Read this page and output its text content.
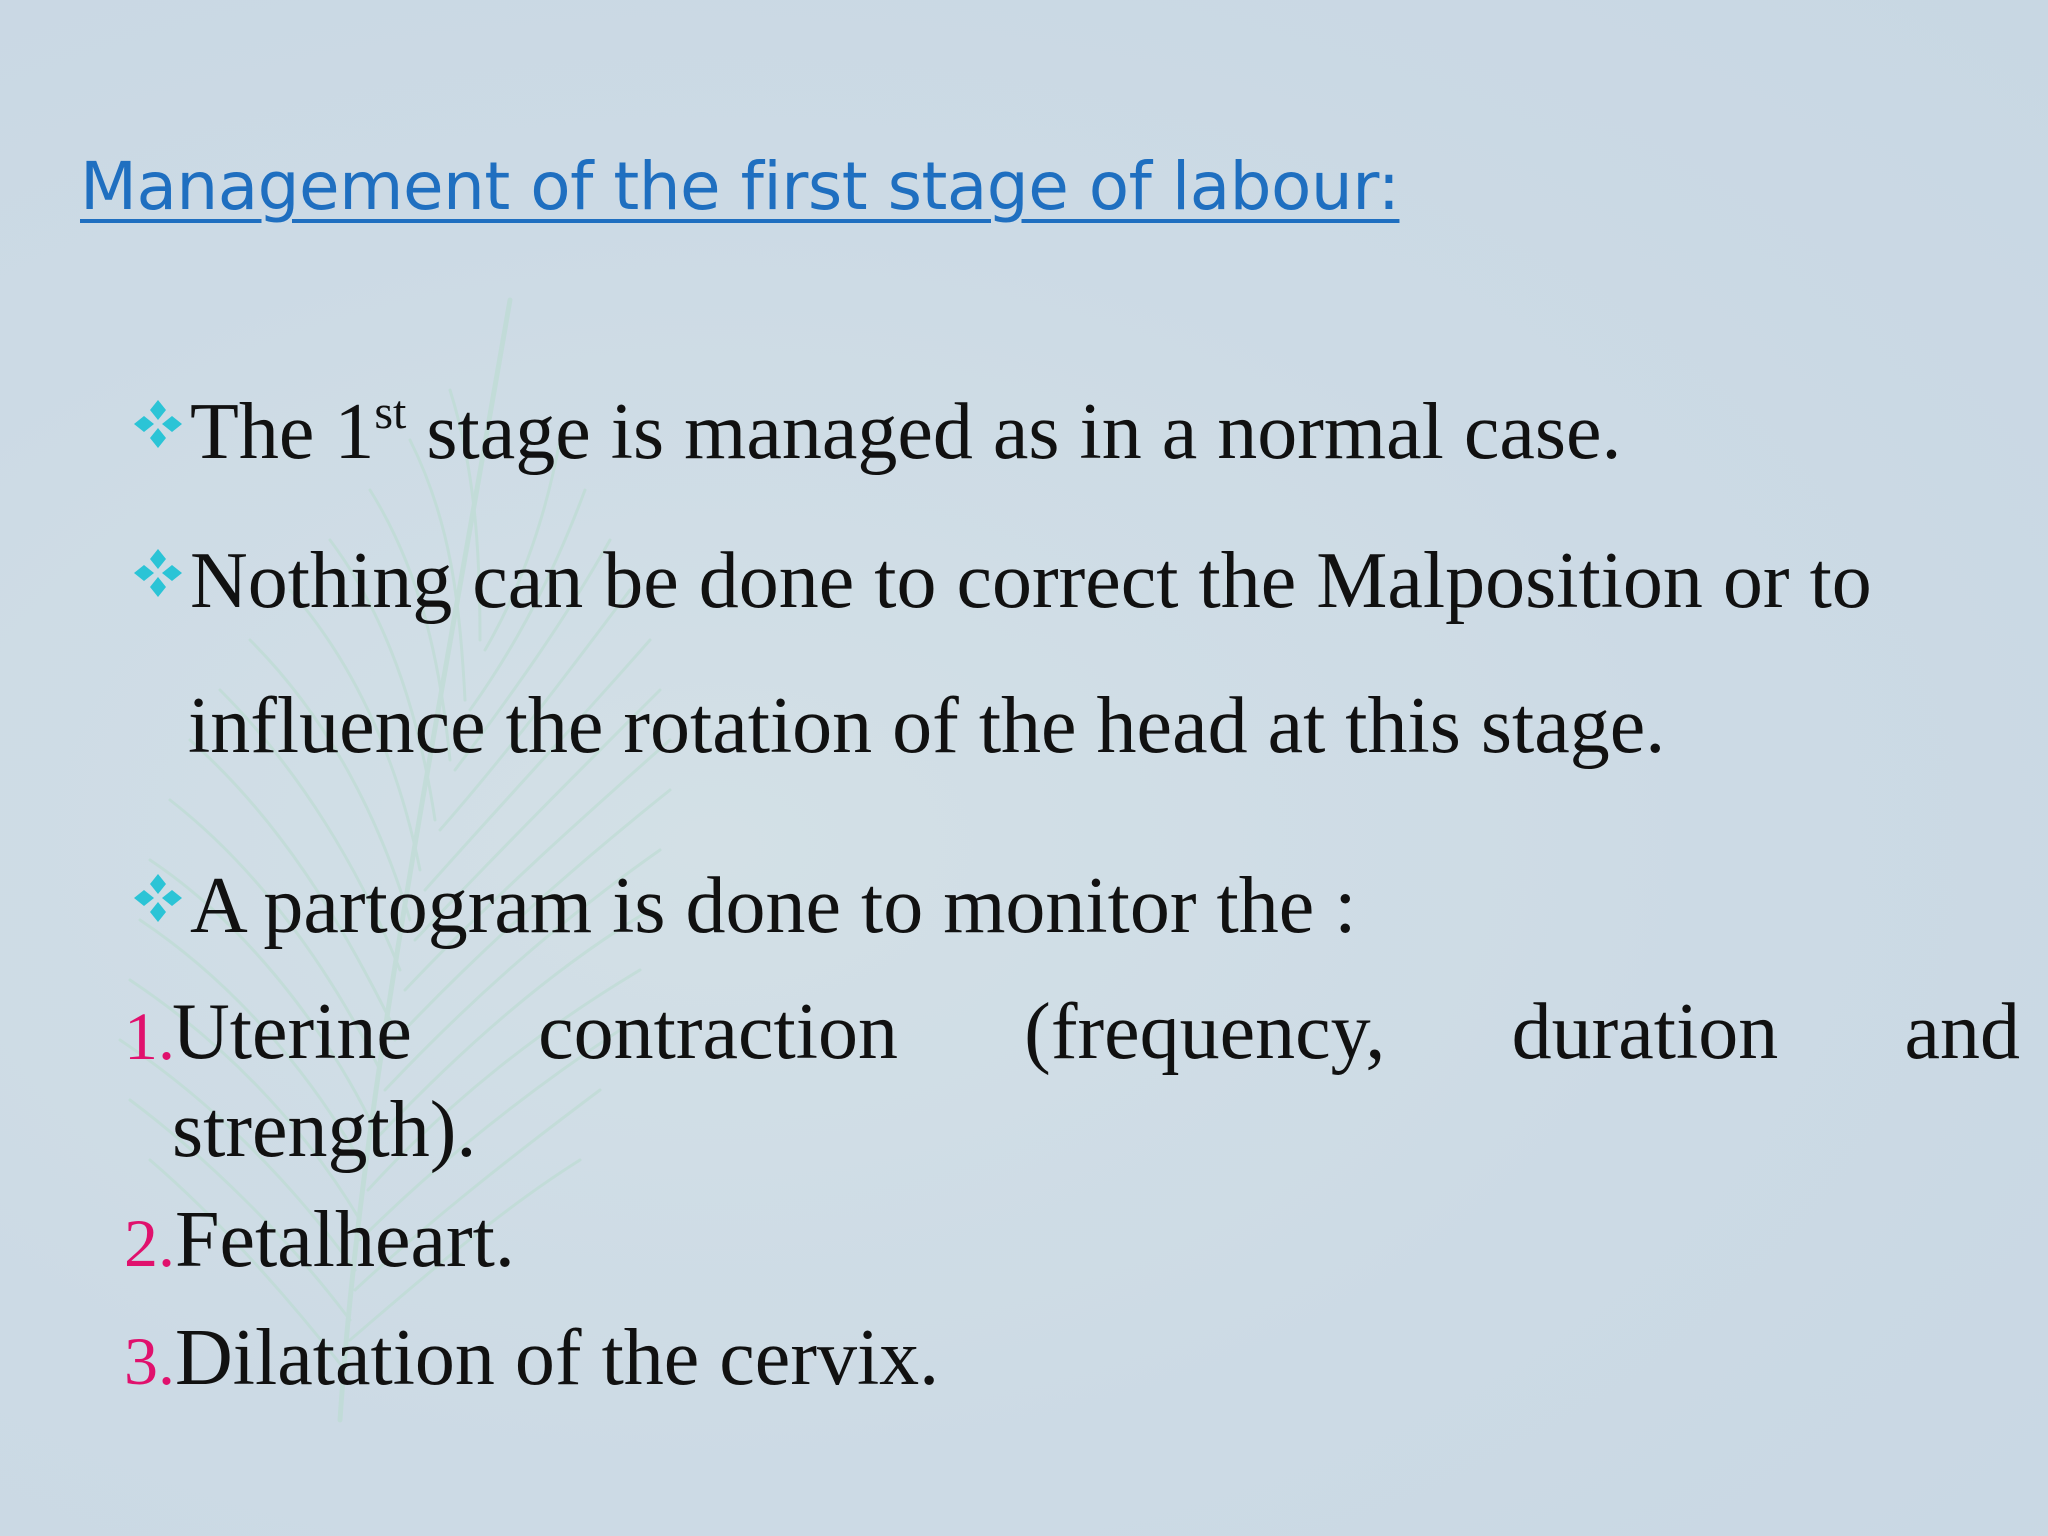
Management of the first stage of labour:
The 1st stage is managed as in a normal case.
Nothing can be done to correct the Malposition or to
influence the rotation of the head at this stage.
A partogram is done to monitor the :
1.
Uterine contraction (frequency, duration and
strength).
2.Fetalheart.
3.Dilatation of the cervix.
